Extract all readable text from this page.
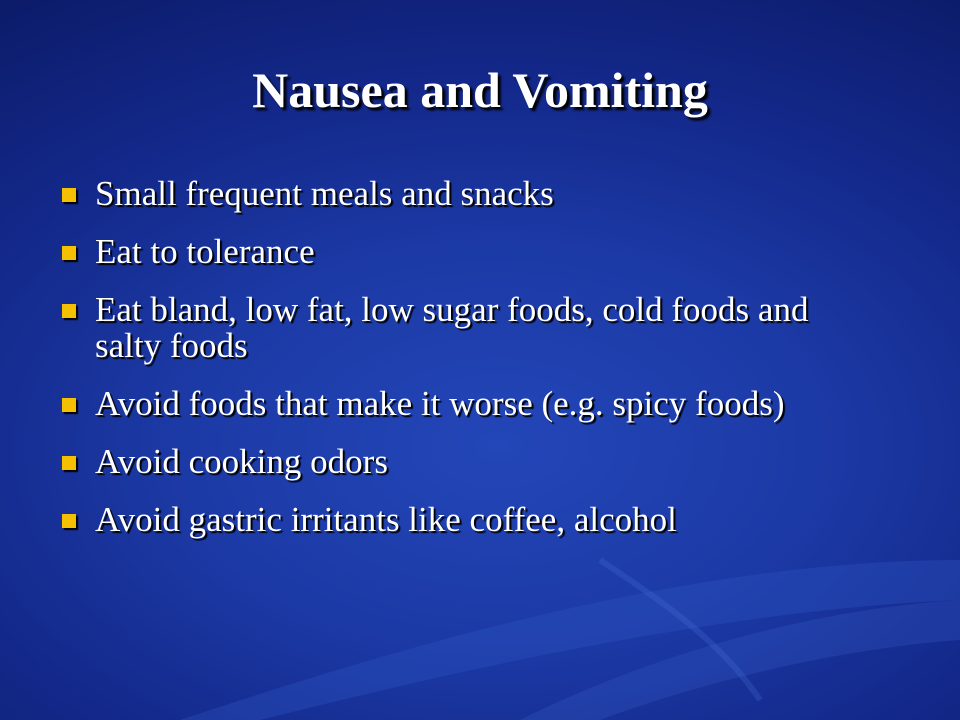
Nausea and Vomiting
Small frequent meals and snacks
Eat to tolerance
Eat bland, low fat, low sugar foods, cold foods and salty foods
Avoid foods that make it worse (e.g. spicy foods)
Avoid cooking odors
Avoid gastric irritants like coffee, alcohol
